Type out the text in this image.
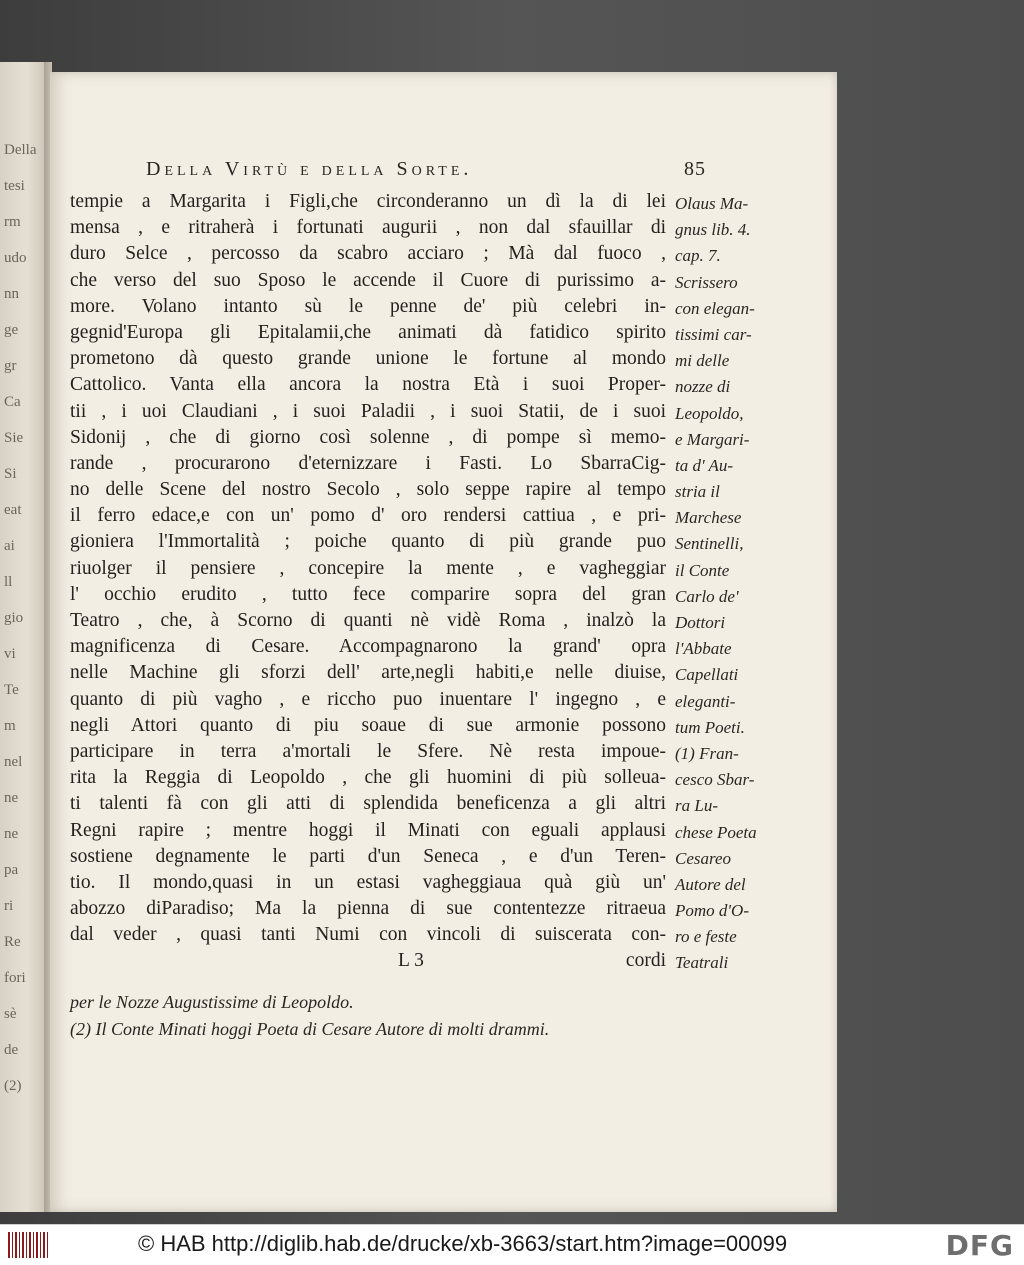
Della
tesi
rm
udo
nn
ge
gr
Ca
Sie
Si
eat
ai
ll
gio
vi
Te
m
nel
ne
ne
pa
ri
Re
fori
sè
de
(2)
Della Virtù e della Sorte.	85
tempie a Margarita i Figli,che circonderanno un dì la di lei
mensa , e ritraherà i fortunati augurii , non dal sfauillar di
duro Selce , percosso da scabro acciaro ; Mà dal fuoco ,
che verso del suo Sposo le accende il Cuore di purissimo a-
more. Volano intanto sù le penne de' più celebri in-
gegnid'Europa gli Epitalamii,che animati dà fatidico spirito
prometono dà questo grande unione le fortune al mondo
Cattolico. Vanta ella ancora la nostra Età i suoi Proper-
tii , i uoi Claudiani , i suoi Paladii , i suoi Statii, de i suoi
Sidonij , che di giorno così solenne , di pompe sì memo-
rande , procurarono d'eternizzare i Fasti. Lo SbarraCig-
no delle Scene del nostro Secolo , solo seppe rapire al tempo
il ferro edace,e con un' pomo d' oro rendersi cattiua , e pri-
gioniera l'Immortalità ; poiche quanto di più grande puo
riuolger il pensiere , concepire la mente , e vagheggiar
l' occhio erudito , tutto fece comparire sopra del gran
Teatro , che, à Scorno di quanti nè vidè Roma , inalzò la
magnificenza di Cesare. Accompagnarono la grand' opra
nelle Machine gli sforzi dell' arte,negli habiti,e nelle diuise,
quanto di più vagho , e riccho puo inuentare l' ingegno , e
negli Attori quanto di piu soaue di sue armonie possono
participare in terra a'mortali le Sfere. Nè resta impoue-
rita la Reggia di Leopoldo , che gli huomini di più solleua-
ti talenti fà con gli atti di splendida beneficenza a gli altri
Regni rapire ; mentre hoggi il Minati con eguali applausi
sostiene degnamente le parti d'un Seneca , e d'un Teren-
tio. Il mondo,quasi in un estasi vagheggiaua quà giù un'
abozzo diParadiso; Ma la pienna di sue contentezze ritraeua
dal veder , quasi tanti Numi con vincoli di suiscerata con-
L 3	cordi
Olaus Ma-
gnus lib. 4.
cap. 7.
Scrissero
con elegan-
tissimi car-
mi delle
nozze di
Leopoldo,
e Margari-
ta d' Au-
stria il
Marchese
Sentinelli,
il Conte
Carlo de'
Dottori
l'Abbate
Capellati
eleganti-
tum Poeti.
(1) Fran-
cesco Sbar-
ra Lu-
chese Poeta
Cesareo
Autore del
Pomo d'O-
ro e feste
Teatrali
per le Nozze Augustissime di Leopoldo.
(2) Il Conte Minati hoggi Poeta di Cesare Autore di molti drammi.
© HAB http://diglib.hab.de/drucke/xb-3663/start.htm?image=00099	DFG
